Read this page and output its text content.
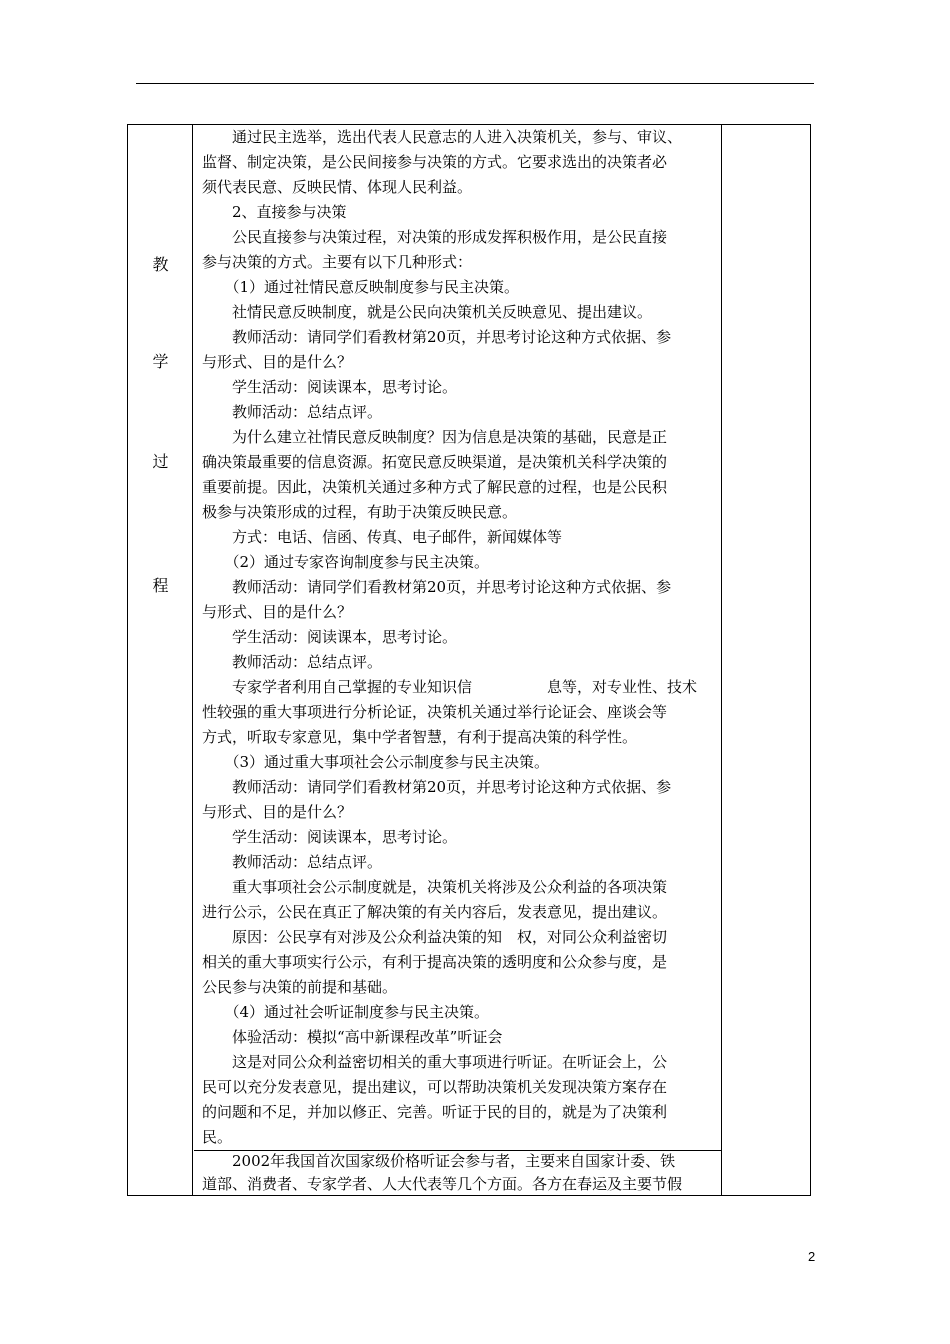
教
学
过
程
　　通过民主选举，选出代表人民意志的人进入决策机关，参与、审议、
监督、制定决策，是公民间接参与决策的方式。它要求选出的决策者必
须代表民意、反映民情、体现人民利益。
　　2、直接参与决策
　　公民直接参与决策过程，对决策的形成发挥积极作用，是公民直接
参与决策的方式。主要有以下几种形式：
　　（1）通过社情民意反映制度参与民主决策。
　　社情民意反映制度，就是公民向决策机关反映意见、提出建议。
　　教师活动：请同学们看教材第20页，并思考讨论这种方式依据、参
与形式、目的是什么？
　　学生活动：阅读课本，思考讨论。
　　教师活动：总结点评。
　　为什么建立社情民意反映制度？因为信息是决策的基础，民意是正
确决策最重要的信息资源。拓宽民意反映渠道，是决策机关科学决策的
重要前提。因此，决策机关通过多种方式了解民意的过程，也是公民积
极参与决策形成的过程，有助于决策反映民意。
　　方式：电话、信函、传真、电子邮件，新闻媒体等
　　（2）通过专家咨询制度参与民主决策。
　　教师活动：请同学们看教材第20页，并思考讨论这种方式依据、参
与形式、目的是什么？
　　学生活动：阅读课本，思考讨论。
　　教师活动：总结点评。
　　专家学者利用自己掌握的专业知识信　　　　　息等，对专业性、技术
性较强的重大事项进行分析论证，决策机关通过举行论证会、座谈会等
方式，听取专家意见，集中学者智慧，有利于提高决策的科学性。
　　（3）通过重大事项社会公示制度参与民主决策。
　　教师活动：请同学们看教材第20页，并思考讨论这种方式依据、参
与形式、目的是什么？
　　学生活动：阅读课本，思考讨论。
　　教师活动：总结点评。
　　重大事项社会公示制度就是，决策机关将涉及公众利益的各项决策
进行公示，公民在真正了解决策的有关内容后，发表意见，提出建议。
　　原因：公民享有对涉及公众利益决策的知　权，对同公众利益密切
相关的重大事项实行公示，有利于提高决策的透明度和公众参与度，是
公民参与决策的前提和基础。
　　（4）通过社会听证制度参与民主决策。
　　体验活动：模拟“高中新课程改革”听证会
　　这是对同公众利益密切相关的重大事项进行听证。在听证会上，公
民可以充分发表意见，提出建议，可以帮助决策机关发现决策方案存在
的问题和不足，并加以修正、完善。听证于民的目的，就是为了决策利
民。
　　2002年我国首次国家级价格听证会参与者，主要来自国家计委、铁
道部、消费者、专家学者、人大代表等几个方面。各方在春运及主要节假
2
